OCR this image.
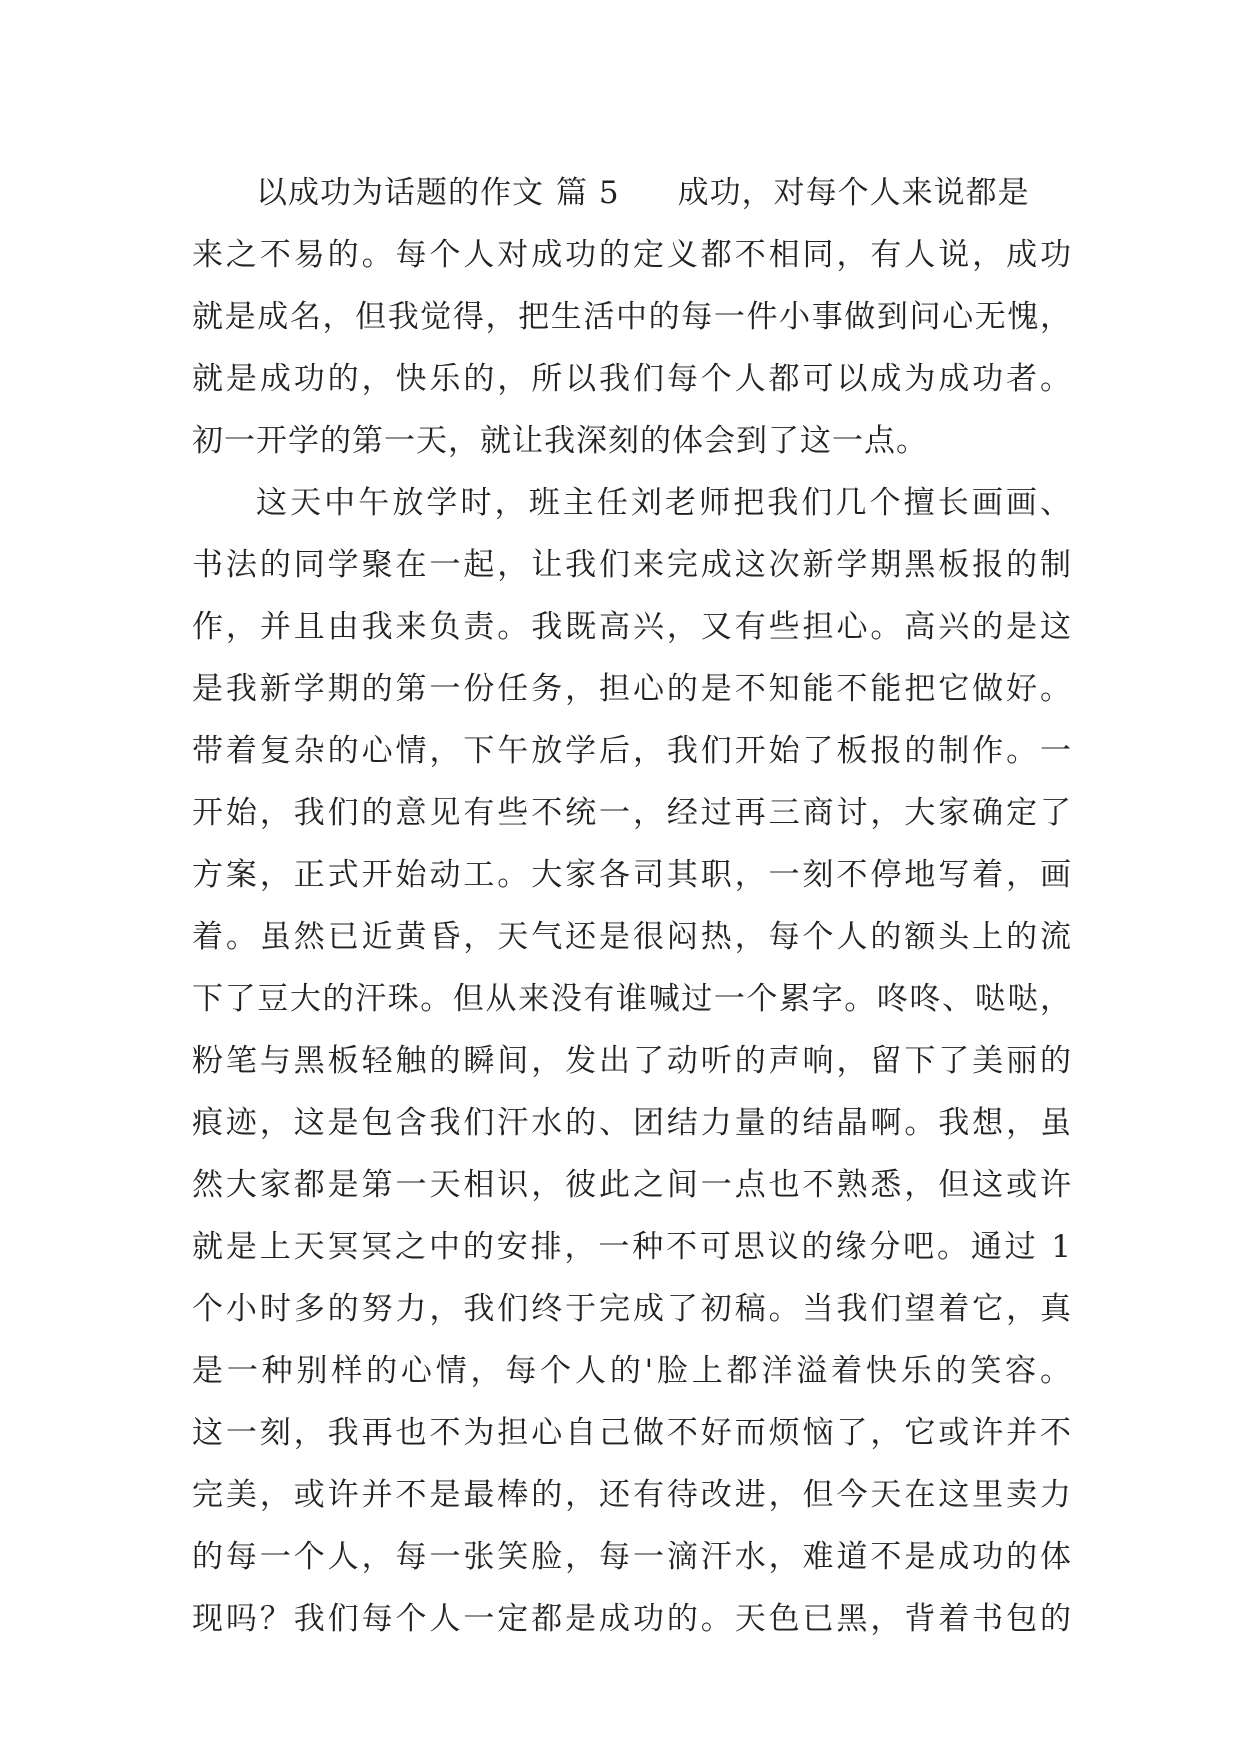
以成功为话题的作文 篇 5 成功，对每个人来说都是
来之不易的。每个人对成功的定义都不相同，有人说，成功
就是成名，但我觉得，把生活中的每一件小事做到问心无愧，
就是成功的，快乐的，所以我们每个人都可以成为成功者。
初一开学的第一天，就让我深刻的体会到了这一点。
这天中午放学时，班主任刘老师把我们几个擅长画画、
书法的同学聚在一起，让我们来完成这次新学期黑板报的制
作，并且由我来负责。我既高兴，又有些担心。高兴的是这
是我新学期的第一份任务，担心的是不知能不能把它做好。
带着复杂的心情，下午放学后，我们开始了板报的制作。一
开始，我们的意见有些不统一，经过再三商讨，大家确定了
方案，正式开始动工。大家各司其职，一刻不停地写着，画
着。虽然已近黄昏，天气还是很闷热，每个人的额头上的流
下了豆大的汗珠。但从来没有谁喊过一个累字。咚咚、哒哒，
粉笔与黑板轻触的瞬间，发出了动听的声响，留下了美丽的
痕迹，这是包含我们汗水的、团结力量的结晶啊。我想，虽
然大家都是第一天相识，彼此之间一点也不熟悉，但这或许
就是上天冥冥之中的安排，一种不可思议的缘分吧。通过 1
个小时多的努力，我们终于完成了初稿。当我们望着它，真
是一种别样的心情，每个人的'脸上都洋溢着快乐的笑容。
这一刻，我再也不为担心自己做不好而烦恼了，它或许并不
完美，或许并不是最棒的，还有待改进，但今天在这里卖力
的每一个人，每一张笑脸，每一滴汗水，难道不是成功的体
现吗？我们每个人一定都是成功的。天色已黑，背着书包的
